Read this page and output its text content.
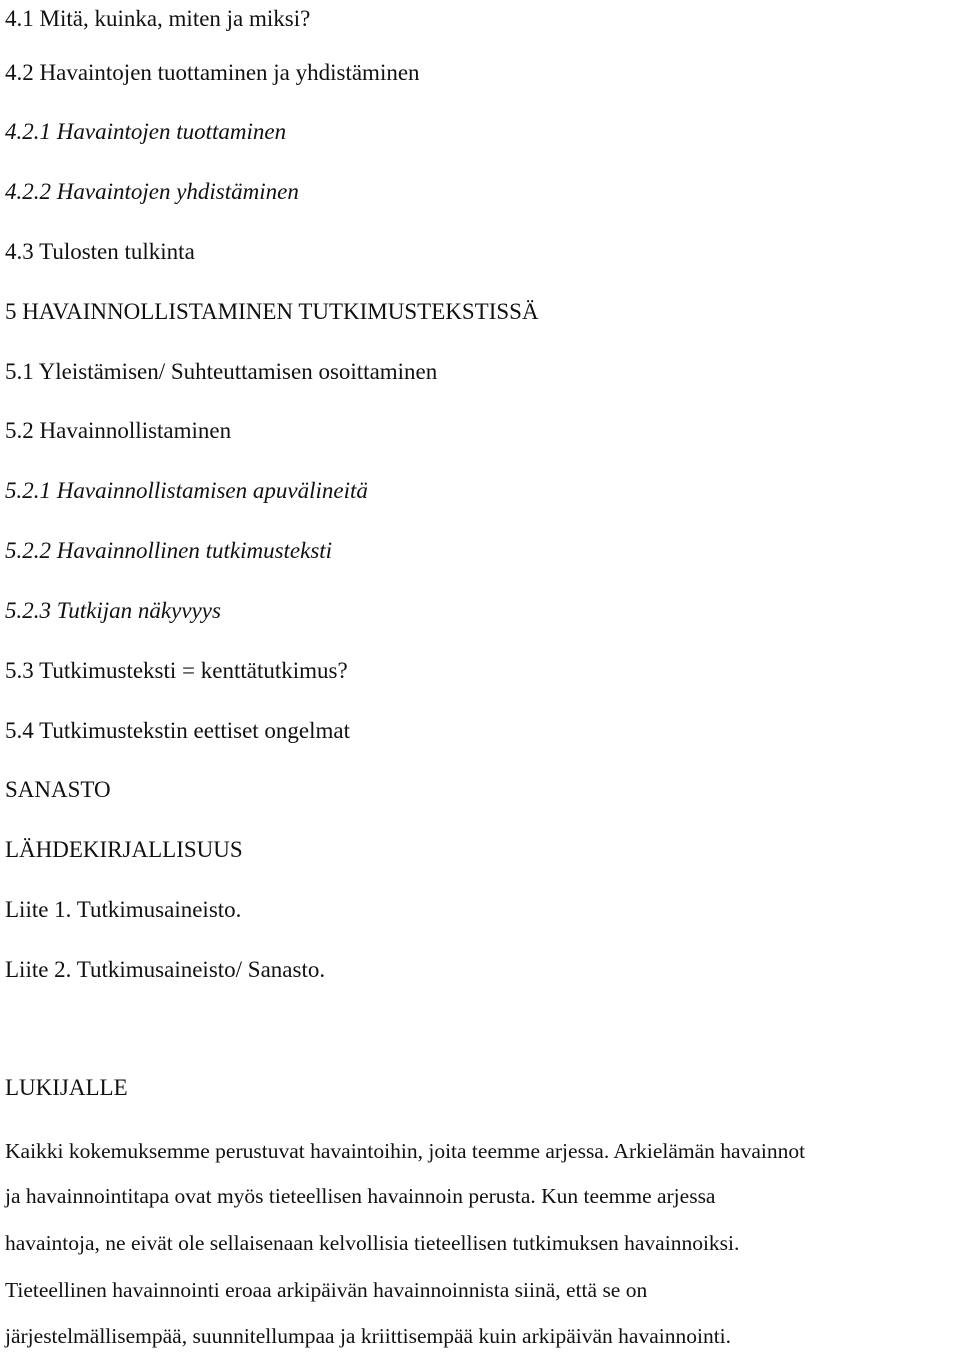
4.1 Mitä, kuinka, miten ja miksi?
4.2 Havaintojen tuottaminen ja yhdistäminen
4.2.1 Havaintojen tuottaminen
4.2.2 Havaintojen yhdistäminen
4.3 Tulosten tulkinta
5 HAVAINNOLLISTAMINEN TUTKIMUSTEKSTISSÄ
5.1 Yleistämisen/ Suhteuttamisen osoittaminen
5.2 Havainnollistaminen
5.2.1 Havainnollistamisen apuvälineitä
5.2.2 Havainnollinen tutkimusteksti
5.2.3 Tutkijan näkyvyys
5.3 Tutkimusteksti = kenttätutkimus?
5.4 Tutkimustekstin eettiset ongelmat
SANASTO
LÄHDEKIRJALLISUUS
Liite 1. Tutkimusaineisto.
Liite 2. Tutkimusaineisto/ Sanasto.
LUKIJALLE
Kaikki kokemuksemme perustuvat havaintoihin, joita teemme arjessa. Arkielämän havainnot
ja havainnointitapa ovat myös tieteellisen havainnoin perusta. Kun teemme arjessa
havaintoja, ne eivät ole sellaisenaan kelvollisia tieteellisen tutkimuksen havainnoiksi.
Tieteellinen havainnointi eroaa arkipäivän havainnoinnista siinä, että se on
järjestelmällisempää, suunnitellumpaa ja kriittisempää kuin arkipäivän havainnointi.
